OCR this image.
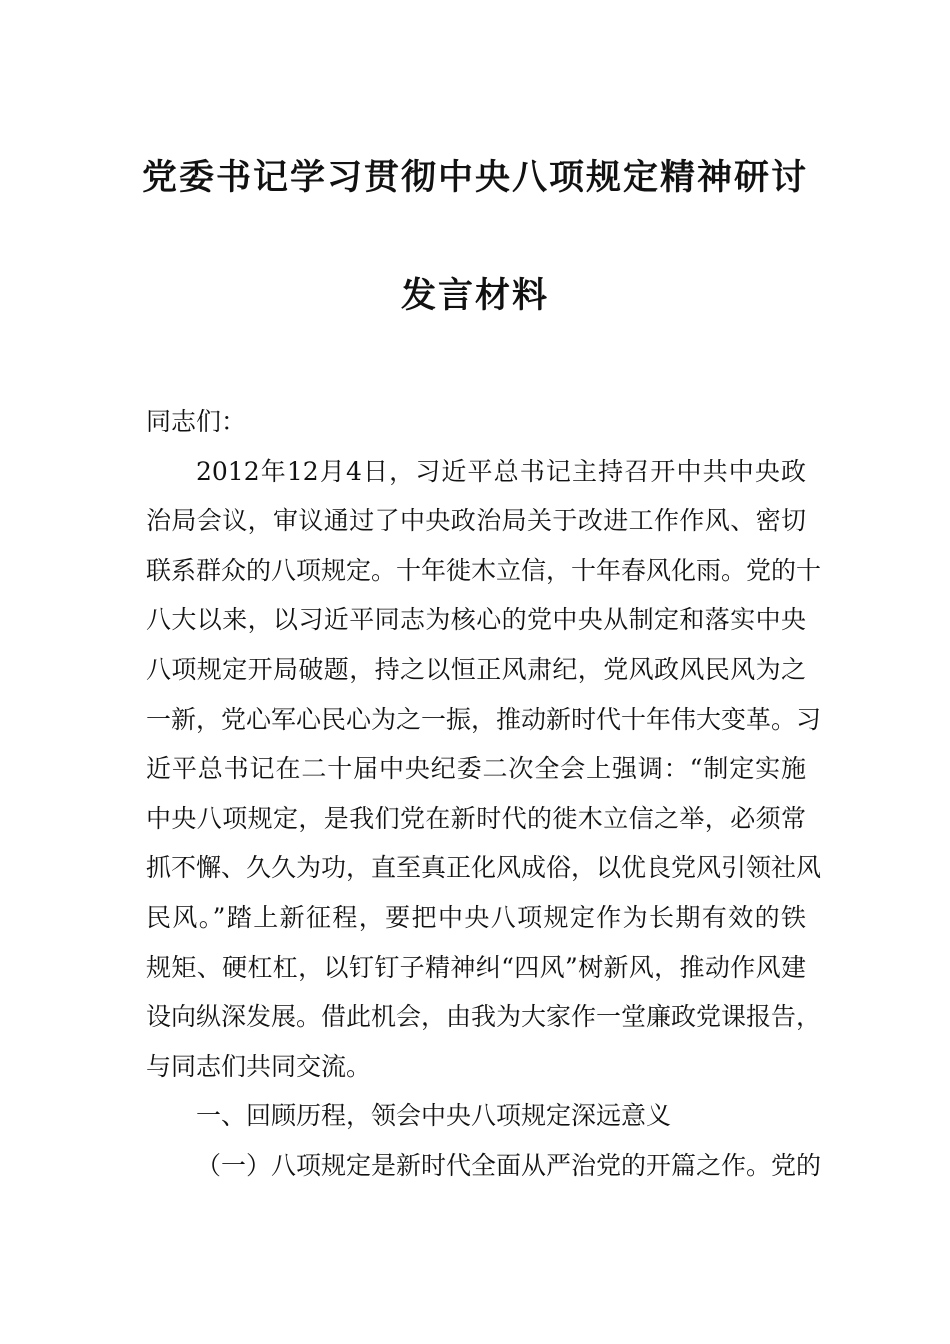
党委书记学习贯彻中央八项规定精神研讨
发言材料
同志们：
2012年12月4日，习近平总书记主持召开中共中央政
治局会议，审议通过了中央政治局关于改进工作作风、密切
联系群众的八项规定。十年徙木立信，十年春风化雨。党的十
八大以来，以习近平同志为核心的党中央从制定和落实中央
八项规定开局破题，持之以恒正风肃纪，党风政风民风为之
一新，党心军心民心为之一振，推动新时代十年伟大变革。习
近平总书记在二十届中央纪委二次全会上强调：“制定实施
中央八项规定，是我们党在新时代的徙木立信之举，必须常
抓不懈、久久为功，直至真正化风成俗，以优良党风引领社风
民风。”踏上新征程，要把中央八项规定作为长期有效的铁
规矩、硬杠杠，以钉钉子精神纠“四风”树新风，推动作风建
设向纵深发展。借此机会，由我为大家作一堂廉政党课报告，
与同志们共同交流。
一、回顾历程，领会中央八项规定深远意义
（一）八项规定是新时代全面从严治党的开篇之作。党的
